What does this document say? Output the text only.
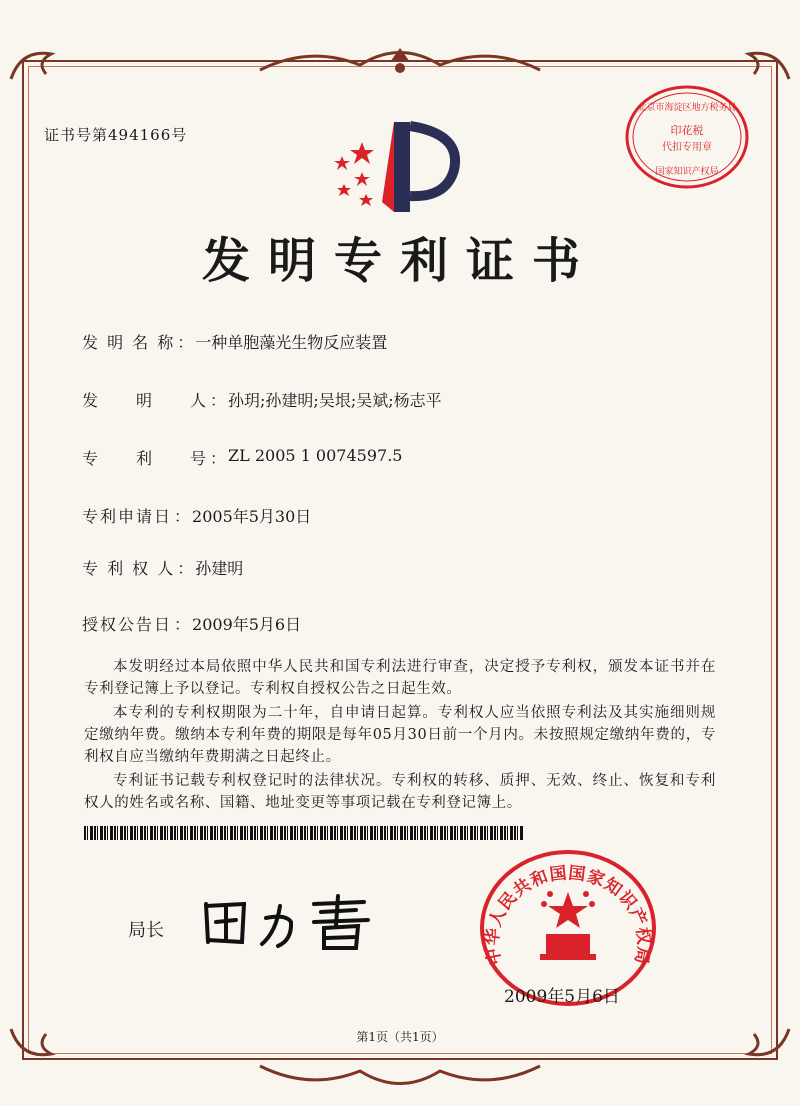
证书号第494166号
北京市海淀区地方税务局
印花税
代扣专用章
国家知识产权局
发明专利证书
发 明 名 称 ： 一种单胞藻光生物反应装置
发　　明　　人 ： 孙玥;孙建明;吴垠;吴斌;杨志平
专　　利　　号 ： ZL 2005 1 0074597.5
专利申请日 ： 2005年5月30日
专 利 权 人 ： 孙建明
授权公告日 ： 2009年5月6日

本发明经过本局依照中华人民共和国专利法进行审查，决定授予专利权，颁发本证书并在专利登记簿上予以登记。专利权自授权公告之日起生效。

本专利的专利权期限为二十年，自申请日起算。专利权人应当依照专利法及其实施细则规定缴纳年费。缴纳本专利年费的期限是每年05月30日前一个月内。未按照规定缴纳年费的，专利权自应当缴纳年费期满之日起终止。

专利证书记载专利权登记时的法律状况。专利权的转移、质押、无效、终止、恢复和专利权人的姓名或名称、国籍、地址变更等事项记载在专利登记簿上。

局长
中华人民共和国国家知识产权局
2009年5月6日
第1页（共1页）
